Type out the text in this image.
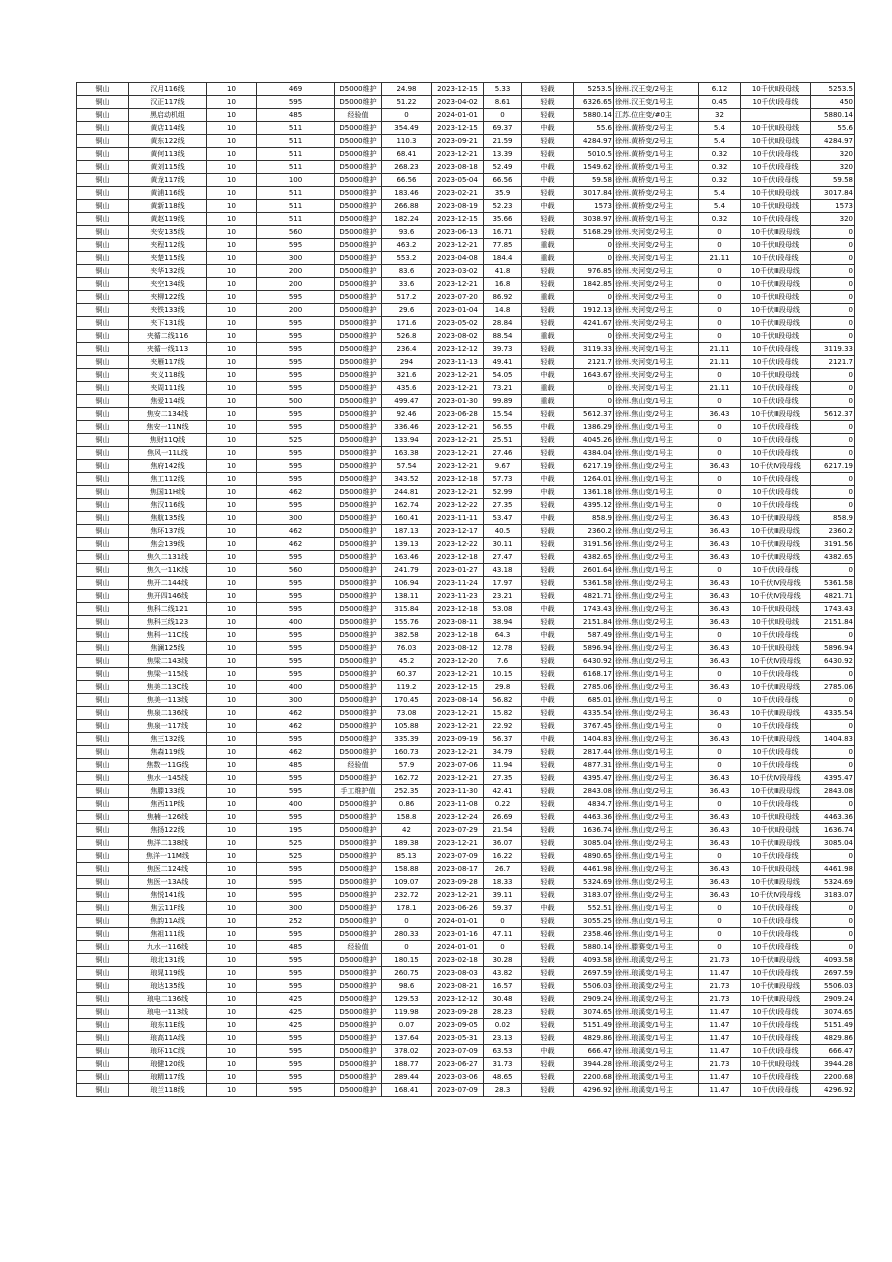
铜山	汉月116线	10	469	D5000维护	24.98	2023-12-15	5.33	轻载	5253.5	徐州.汉王变/2号主	6.12	10千伏Ⅱ段母线	5253.5
铜山	汉正117线	10	595	D5000维护	51.22	2023-04-02	8.61	轻载	6326.65	徐州.汉王变/1号主	0.45	10千伏Ⅰ段母线	450
铜山	黑启动机组	10	485	经验值	0	2024-01-01	0	轻载	5880.14	江苏.位庄变/#0主	32		5880.14
铜山	黄店114线	10	511	D5000维护	354.49	2023-12-15	69.37	中载	55.6	徐州.黄桥变/2号主	5.4	10千伏Ⅱ段母线	55.6
铜山	黄东122线	10	511	D5000维护	110.3	2023-09-21	21.59	轻载	4284.97	徐州.黄桥变/2号主	5.4	10千伏Ⅱ段母线	4284.97
铜山	黄何113线	10	511	D5000维护	68.41	2023-12-21	13.39	轻载	5010.5	徐州.黄桥变/1号主	0.32	10千伏Ⅰ段母线	320
铜山	黄刘115线	10	511	D5000维护	268.23	2023-08-18	52.49	中载	1549.62	徐州.黄桥变/1号主	0.32	10千伏Ⅰ段母线	320
铜山	黄龙117线	10	100	D5000维护	66.56	2023-05-04	66.56	中载	59.58	徐州.黄桥变/1号主	0.32	10千伏Ⅰ段母线	59.58
铜山	黄浦116线	10	511	D5000维护	183.46	2023-02-21	35.9	轻载	3017.84	徐州.黄桥变/2号主	5.4	10千伏Ⅱ段母线	3017.84
铜山	黄新118线	10	511	D5000维护	266.88	2023-08-19	52.23	中载	1573	徐州.黄桥变/2号主	5.4	10千伏Ⅱ段母线	1573
铜山	黄赵119线	10	511	D5000维护	182.24	2023-12-15	35.66	轻载	3038.97	徐州.黄桥变/1号主	0.32	10千伏Ⅰ段母线	320
铜山	夹安135线	10	560	D5000维护	93.6	2023-06-13	16.71	轻载	5168.29	徐州.夹河变/2号主	0	10千伏Ⅲ段母线	0
铜山	夹程112线	10	595	D5000维护	463.2	2023-12-21	77.85	重载	0	徐州.夹河变/2号主	0	10千伏Ⅱ段母线	0
铜山	夹楚115线	10	300	D5000维护	553.2	2023-04-08	184.4	重载	0	徐州.夹河变/1号主	21.11	10千伏Ⅰ段母线	0
铜山	夹华132线	10	200	D5000维护	83.6	2023-03-02	41.8	轻载	976.85	徐州.夹河变/2号主	0	10千伏Ⅲ段母线	0
铜山	夹空134线	10	200	D5000维护	33.6	2023-12-21	16.8	轻载	1842.85	徐州.夹河变/2号主	0	10千伏Ⅲ段母线	0
铜山	夹柳122线	10	595	D5000维护	517.2	2023-07-20	86.92	重载	0	徐州.夹河变/2号主	0	10千伏Ⅱ段母线	0
铜山	夹铁133线	10	200	D5000维护	29.6	2023-01-04	14.8	轻载	1912.13	徐州.夹河变/2号主	0	10千伏Ⅲ段母线	0
铜山	夹下131线	10	595	D5000维护	171.6	2023-05-02	28.84	轻载	4241.67	徐州.夹河变/2号主	0	10千伏Ⅲ段母线	0
铜山	夹循二线116	10	595	D5000维护	526.8	2023-08-02	88.54	重载	0	徐州.夹河变/2号主	0	10千伏Ⅱ段母线	0
铜山	夹循一线113	10	595	D5000维护	236.4	2023-12-12	39.73	轻载	3119.33	徐州.夹河变/1号主	21.11	10千伏Ⅰ段母线	3119.33
铜山	夹雁117线	10	595	D5000维护	294	2023-11-13	49.41	轻载	2121.7	徐州.夹河变/1号主	21.11	10千伏Ⅰ段母线	2121.7
铜山	夹义118线	10	595	D5000维护	321.6	2023-12-21	54.05	中载	1643.67	徐州.夹河变/2号主	0	10千伏Ⅱ段母线	0
铜山	夹周111线	10	595	D5000维护	435.6	2023-12-21	73.21	重载	0	徐州.夹河变/1号主	21.11	10千伏Ⅰ段母线	0
铜山	焦爱114线	10	500	D5000维护	499.47	2023-01-30	99.89	重载	0	徐州.焦山变/1号主	0	10千伏Ⅰ段母线	0
铜山	焦安二134线	10	595	D5000维护	92.46	2023-06-28	15.54	轻载	5612.37	徐州.焦山变/2号主	36.43	10千伏Ⅲ段母线	5612.37
铜山	焦安一11N线	10	595	D5000维护	336.46	2023-12-21	56.55	中载	1386.29	徐州.焦山变/1号主	0	10千伏Ⅰ段母线	0
铜山	焦财11Q线	10	525	D5000维护	133.94	2023-12-21	25.51	轻载	4045.26	徐州.焦山变/1号主	0	10千伏Ⅰ段母线	0
铜山	焦风一11L线	10	595	D5000维护	163.38	2023-12-21	27.46	轻载	4384.04	徐州.焦山变/1号主	0	10千伏Ⅰ段母线	0
铜山	焦府142线	10	595	D5000维护	57.54	2023-12-21	9.67	轻载	6217.19	徐州.焦山变/2号主	36.43	10千伏Ⅳ段母线	6217.19
铜山	焦工112线	10	595	D5000维护	343.52	2023-12-18	57.73	中载	1264.01	徐州.焦山变/1号主	0	10千伏Ⅰ段母线	0
铜山	焦国11H线	10	462	D5000维护	244.81	2023-12-21	52.99	中载	1361.18	徐州.焦山变/1号主	0	10千伏Ⅰ段母线	0
铜山	焦汉116线	10	595	D5000维护	162.74	2023-12-22	27.35	轻载	4395.12	徐州.焦山变/1号主	0	10千伏Ⅰ段母线	0
铜山	焦航135线	10	300	D5000维护	160.41	2023-11-11	53.47	中载	858.9	徐州.焦山变/2号主	36.43	10千伏Ⅲ段母线	858.9
铜山	焦环137线	10	462	D5000维护	187.13	2023-12-17	40.5	轻载	2360.2	徐州.焦山变/2号主	36.43	10千伏Ⅲ段母线	2360.2
铜山	焦会139线	10	462	D5000维护	139.13	2023-12-22	30.11	轻载	3191.56	徐州.焦山变/2号主	36.43	10千伏Ⅲ段母线	3191.56
铜山	焦久二131线	10	595	D5000维护	163.46	2023-12-18	27.47	轻载	4382.65	徐州.焦山变/2号主	36.43	10千伏Ⅲ段母线	4382.65
铜山	焦久一11K线	10	560	D5000维护	241.79	2023-01-27	43.18	轻载	2601.64	徐州.焦山变/1号主	0	10千伏Ⅰ段母线	0
铜山	焦开二144线	10	595	D5000维护	106.94	2023-11-24	17.97	轻载	5361.58	徐州.焦山变/2号主	36.43	10千伏Ⅳ段母线	5361.58
铜山	焦开四146线	10	595	D5000维护	138.11	2023-11-23	23.21	轻载	4821.71	徐州.焦山变/2号主	36.43	10千伏Ⅳ段母线	4821.71
铜山	焦科二线121	10	595	D5000维护	315.84	2023-12-18	53.08	中载	1743.43	徐州.焦山变/2号主	36.43	10千伏Ⅱ段母线	1743.43
铜山	焦科三线123	10	400	D5000维护	155.76	2023-08-11	38.94	轻载	2151.84	徐州.焦山变/2号主	36.43	10千伏Ⅱ段母线	2151.84
铜山	焦科一11C线	10	595	D5000维护	382.58	2023-12-18	64.3	中载	587.49	徐州.焦山变/1号主	0	10千伏Ⅰ段母线	0
铜山	焦澜125线	10	595	D5000维护	76.03	2023-08-12	12.78	轻载	5896.94	徐州.焦山变/2号主	36.43	10千伏Ⅱ段母线	5896.94
铜山	焦梁二143线	10	595	D5000维护	45.2	2023-12-20	7.6	轻载	6430.92	徐州.焦山变/2号主	36.43	10千伏Ⅳ段母线	6430.92
铜山	焦梁一115线	10	595	D5000维护	60.37	2023-12-21	10.15	轻载	6168.17	徐州.焦山变/1号主	0	10千伏Ⅰ段母线	0
铜山	焦美二13C线	10	400	D5000维护	119.2	2023-12-15	29.8	轻载	2785.06	徐州.焦山变/2号主	36.43	10千伏Ⅲ段母线	2785.06
铜山	焦美一113线	10	300	D5000维护	170.45	2023-08-14	56.82	中载	685.01	徐州.焦山变/1号主	0	10千伏Ⅰ段母线	0
铜山	焦泉二136线	10	462	D5000维护	73.08	2023-12-21	15.82	轻载	4335.54	徐州.焦山变/2号主	36.43	10千伏Ⅲ段母线	4335.54
铜山	焦泉一117线	10	462	D5000维护	105.88	2023-12-21	22.92	轻载	3767.45	徐州.焦山变/1号主	0	10千伏Ⅰ段母线	0
铜山	焦三132线	10	595	D5000维护	335.39	2023-09-19	56.37	中载	1404.83	徐州.焦山变/2号主	36.43	10千伏Ⅲ段母线	1404.83
铜山	焦森119线	10	462	D5000维护	160.73	2023-12-21	34.79	轻载	2817.44	徐州.焦山变/1号主	0	10千伏Ⅰ段母线	0
铜山	焦数一11G线	10	485	经验值	57.9	2023-07-06	11.94	轻载	4877.31	徐州.焦山变/1号主	0	10千伏Ⅰ段母线	0
铜山	焦水一145线	10	595	D5000维护	162.72	2023-12-21	27.35	轻载	4395.47	徐州.焦山变/2号主	36.43	10千伏Ⅳ段母线	4395.47
铜山	焦滕133线	10	595	手工维护值	252.35	2023-11-30	42.41	轻载	2843.08	徐州.焦山变/2号主	36.43	10千伏Ⅲ段母线	2843.08
铜山	焦西11P线	10	400	D5000维护	0.86	2023-11-08	0.22	轻载	4834.7	徐州.焦山变/1号主	0	10千伏Ⅰ段母线	0
铜山	焦楠一126线	10	595	D5000维护	158.8	2023-12-24	26.69	轻载	4463.36	徐州.焦山变/2号主	36.43	10千伏Ⅱ段母线	4463.36
铜山	焦扬122线	10	195	D5000维护	42	2023-07-29	21.54	轻载	1636.74	徐州.焦山变/2号主	36.43	10千伏Ⅱ段母线	1636.74
铜山	焦洋二138线	10	525	D5000维护	189.38	2023-12-21	36.07	轻载	3085.04	徐州.焦山变/2号主	36.43	10千伏Ⅲ段母线	3085.04
铜山	焦洋一11M线	10	525	D5000维护	85.13	2023-07-09	16.22	轻载	4890.65	徐州.焦山变/1号主	0	10千伏Ⅰ段母线	0
铜山	焦医二124线	10	595	D5000维护	158.88	2023-08-17	26.7	轻载	4461.98	徐州.焦山变/2号主	36.43	10千伏Ⅱ段母线	4461.98
铜山	焦医一13A线	10	595	D5000维护	109.07	2023-09-28	18.33	轻载	5324.69	徐州.焦山变/2号主	36.43	10千伏Ⅲ段母线	5324.69
铜山	焦悦141线	10	595	D5000维护	232.72	2023-12-21	39.11	轻载	3183.07	徐州.焦山变/2号主	36.43	10千伏Ⅳ段母线	3183.07
铜山	焦云11F线	10	300	D5000维护	178.1	2023-06-26	59.37	中载	552.51	徐州.焦山变/1号主	0	10千伏Ⅰ段母线	0
铜山	焦韵11A线	10	252	D5000维护	0	2024-01-01	0	轻载	3055.25	徐州.焦山变/1号主	0	10千伏Ⅰ段母线	0
铜山	焦祖111线	10	595	D5000维护	280.33	2023-01-16	47.11	轻载	2358.46	徐州.焦山变/1号主	0	10千伏Ⅰ段母线	0
铜山	九水一116线	10	485	经验值	0	2024-01-01	0	轻载	5880.14	徐州.滕赛变/1号主	0	10千伏Ⅰ段母线	0
铜山	琅北131线	10	595	D5000维护	180.15	2023-02-18	30.28	轻载	4093.58	徐州.琅溪变/2号主	21.73	10千伏Ⅲ段母线	4093.58
铜山	琅晁119线	10	595	D5000维护	260.75	2023-08-03	43.82	轻载	2697.59	徐州.琅溪变/1号主	11.47	10千伏Ⅰ段母线	2697.59
铜山	琅达135线	10	595	D5000维护	98.6	2023-08-21	16.57	轻载	5506.03	徐州.琅溪变/2号主	21.73	10千伏Ⅲ段母线	5506.03
铜山	琅电二136线	10	425	D5000维护	129.53	2023-12-12	30.48	轻载	2909.24	徐州.琅溪变/2号主	21.73	10千伏Ⅲ段母线	2909.24
铜山	琅电一113线	10	425	D5000维护	119.98	2023-09-28	28.23	轻载	3074.65	徐州.琅溪变/1号主	11.47	10千伏Ⅰ段母线	3074.65
铜山	琅东11E线	10	425	D5000维护	0.07	2023-09-05	0.02	轻载	5151.49	徐州.琅溪变/1号主	11.47	10千伏Ⅰ段母线	5151.49
铜山	琅高11A线	10	595	D5000维护	137.64	2023-05-31	23.13	轻载	4829.86	徐州.琅溪变/1号主	11.47	10千伏Ⅰ段母线	4829.86
铜山	琅环11C线	10	595	D5000维护	378.02	2023-07-09	63.53	中载	666.47	徐州.琅溪变/1号主	11.47	10千伏Ⅰ段母线	666.47
铜山	琅健120线	10	595	D5000维护	188.77	2023-06-27	31.73	轻载	3944.28	徐州.琅溪变/2号主	21.73	10千伏Ⅱ段母线	3944.28
铜山	琅精117线	10	595	D5000维护	289.44	2023-03-06	48.65	轻载	2200.68	徐州.琅溪变/1号主	11.47	10千伏Ⅰ段母线	2200.68
铜山	琅兰118线	10	595	D5000维护	168.41	2023-07-09	28.3	轻载	4296.92	徐州.琅溪变/1号主	11.47	10千伏Ⅰ段母线	4296.92
